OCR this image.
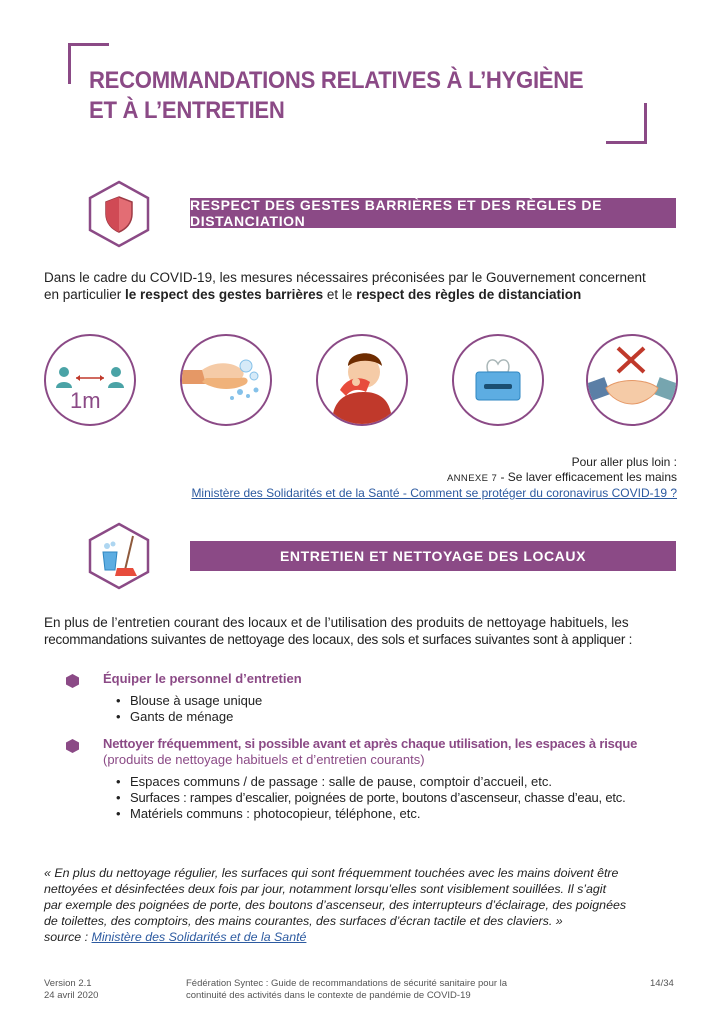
RECOMMANDATIONS RELATIVES À L’HYGIÈNE
ET À L’ENTRETIEN
RESPECT DES GESTES BARRIÈRES ET DES RÈGLES DE DISTANCIATION
Dans le cadre du COVID-19, les mesures nécessaires préconisées par le Gouvernement concernent
en particulier le respect des gestes barrières et le respect des règles de distanciation
1m
Pour aller plus loin :
ANNEXE 7 - Se laver efficacement les mains
Ministère des Solidarités et de la Santé - Comment se protéger du coronavirus COVID-19 ?
ENTRETIEN ET NETTOYAGE DES LOCAUX
En plus de l’entretien courant des locaux et de l’utilisation des produits de nettoyage habituels, les
recommandations suivantes de nettoyage des locaux, des sols et surfaces suivantes sont à appliquer :
Équiper le personnel d’entretien
• Blouse à usage unique
• Gants de ménage
Nettoyer fréquemment, si possible avant et après chaque utilisation, les espaces à risque
(produits de nettoyage habituels et d’entretien courants)
• Espaces communs / de passage : salle de pause, comptoir d’accueil, etc.
• Surfaces : rampes d’escalier, poignées de porte, boutons d’ascenseur, chasse d’eau, etc.
• Matériels communs : photocopieur, téléphone, etc.
« En plus du nettoyage régulier, les surfaces qui sont fréquemment touchées avec les mains doivent être
nettoyées et désinfectées deux fois par jour, notamment lorsqu’elles sont visiblement souillées. Il s’agit
par exemple des poignées de porte, des boutons d’ascenseur, des interrupteurs d’éclairage, des poignées
de toilettes, des comptoirs, des mains courantes, des surfaces d’écran tactile et des claviers. »
source : Ministère des Solidarités et de la Santé
Version 2.1
24 avril 2020
Fédération Syntec : Guide de recommandations de sécurité sanitaire pour la
continuité des activités dans le contexte de pandémie de COVID-19
14/34
